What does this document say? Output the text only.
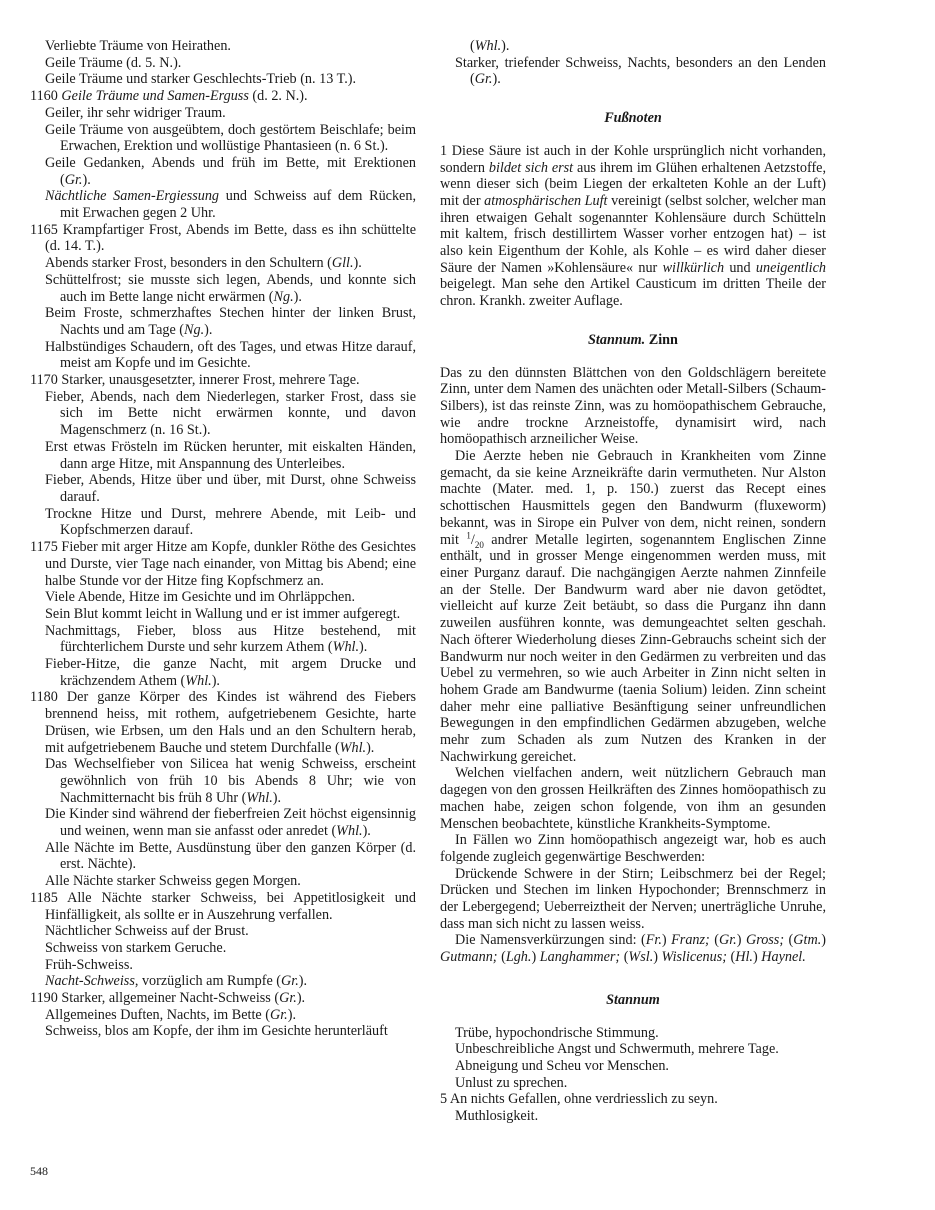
Verliebte Träume von Heirathen.
Geile Träume (d. 5. N.).
Geile Träume und starker Geschlechts-Trieb (n. 13 T.).
1160 Geile Träume und Samen-Erguss (d. 2. N.).
Geiler, ihr sehr widriger Traum.
Geile Träume von ausgeübtem, doch gestörtem Beischlafe; beim Erwachen, Erektion und wollüstige Phantasieen (n. 6 St.).
Geile Gedanken, Abends und früh im Bette, mit Erektionen (Gr.).
Nächtliche Samen-Ergiessung und Schweiss auf dem Rücken, mit Erwachen gegen 2 Uhr.
1165 Krampfartiger Frost, Abends im Bette, dass es ihn schüttelte (d. 14. T.).
Abends starker Frost, besonders in den Schultern (Gll.).
Schüttelfrost; sie musste sich legen, Abends, und konnte sich auch im Bette lange nicht erwärmen (Ng.).
Beim Froste, schmerzhaftes Stechen hinter der linken Brust, Nachts und am Tage (Ng.).
Halbstündiges Schaudern, oft des Tages, und etwas Hitze darauf, meist am Kopfe und im Gesichte.
1170 Starker, unausgesetzter, innerer Frost, mehrere Tage.
Fieber, Abends, nach dem Niederlegen, starker Frost, dass sie sich im Bette nicht erwärmen konnte, und davon Magenschmerz (n. 16 St.).
Erst etwas Frösteln im Rücken herunter, mit eiskalten Händen, dann arge Hitze, mit Anspannung des Unterleibes.
Fieber, Abends, Hitze über und über, mit Durst, ohne Schweiss darauf.
Trockne Hitze und Durst, mehrere Abende, mit Leib- und Kopfschmerzen darauf.
1175 Fieber mit arger Hitze am Kopfe, dunkler Röthe des Gesichtes und Durste, vier Tage nach einander, von Mittag bis Abend; eine halbe Stunde vor der Hitze fing Kopfschmerz an.
Viele Abende, Hitze im Gesichte und im Ohrläppchen.
Sein Blut kommt leicht in Wallung und er ist immer aufgeregt.
Nachmittags, Fieber, bloss aus Hitze bestehend, mit fürchterlichem Durste und sehr kurzem Athem (Whl.).
Fieber-Hitze, die ganze Nacht, mit argem Drucke und krächzendem Athem (Whl.).
1180 Der ganze Körper des Kindes ist während des Fiebers brennend heiss, mit rothem, aufgetriebenem Gesichte, harte Drüsen, wie Erbsen, um den Hals und an den Schultern herab, mit aufgetriebenem Bauche und stetem Durchfalle (Whl.).
Das Wechselfieber von Silicea hat wenig Schweiss, erscheint gewöhnlich von früh 10 bis Abends 8 Uhr; wie von Nachmitternacht bis früh 8 Uhr (Whl.).
Die Kinder sind während der fieberfreien Zeit höchst eigensinnig und weinen, wenn man sie anfasst oder anredet (Whl.).
Alle Nächte im Bette, Ausdünstung über den ganzen Körper (d. erst. Nächte).
Alle Nächte starker Schweiss gegen Morgen.
1185 Alle Nächte starker Schweiss, bei Appetitlosigkeit und Hinfälligkeit, als sollte er in Auszehrung verfallen.
Nächtlicher Schweiss auf der Brust.
Schweiss von starkem Geruche.
Früh-Schweiss.
Nacht-Schweiss, vorzüglich am Rumpfe (Gr.).
1190 Starker, allgemeiner Nacht-Schweiss (Gr.).
Allgemeines Duften, Nachts, im Bette (Gr.).
Schweiss, blos am Kopfe, der ihm im Gesichte herunterläuft
(Whl.).
Starker, triefender Schweiss, Nachts, besonders an den Lenden (Gr.).
Fußnoten
1 Diese Säure ist auch in der Kohle ursprünglich nicht vorhanden, sondern bildet sich erst aus ihrem im Glühen erhaltenen Aetzstoffe, wenn dieser sich (beim Liegen der erkalteten Kohle an der Luft) mit der atmosphärischen Luft vereinigt (selbst solcher, welcher man ihren etwaigen Gehalt sogenannter Kohlensäure durch Schütteln mit kaltem, frisch destillirtem Wasser vorher entzogen hat) – ist also kein Eigenthum der Kohle, als Kohle – es wird daher dieser Säure der Namen »Kohlensäure« nur willkürlich und uneigentlich beigelegt. Man sehe den Artikel Causticum im dritten Theile der chron. Krankh. zweiter Auflage.
Stannum. Zinn
Das zu den dünnsten Blättchen von den Goldschlägern bereitete Zinn, unter dem Namen des unächten oder Metall-Silbers (Schaum-Silbers), ist das reinste Zinn, was zu homöopathischem Gebrauche, wie andre trockne Arzneistoffe, dynamisirt wird, nach homöopathisch arzneilicher Weise.
Die Aerzte heben nie Gebrauch in Krankheiten vom Zinne gemacht, da sie keine Arzneikräfte darin vermutheten. Nur Alston machte (Mater. med. 1, p. 150.) zuerst das Recept eines schottischen Hausmittels gegen den Bandwurm (fluxeworm) bekannt, was in Sirope ein Pulver von dem, nicht reinen, sondern mit $^1/_{20}$ andrer Metalle legirten, sogenanntem Englischen Zinne enthält, und in grosser Menge eingenommen werden muss, mit einer Purganz darauf. Die nachgängigen Aerzte nahmen Zinnfeile an der Stelle. Der Bandwurm ward aber nie davon getödtet, vielleicht auf kurze Zeit betäubt, so dass die Purganz ihn dann zuweilen ausführen konnte, was demungeachtet selten geschah. Nach öfterer Wiederholung dieses Zinn-Gebrauchs scheint sich der Bandwurm nur noch weiter in den Gedärmen zu verbreiten und das Uebel zu vermehren, so wie auch Arbeiter in Zinn nicht selten in hohem Grade am Bandwurme (taenia Solium) leiden. Zinn scheint daher mehr eine palliative Besänftigung seiner unfreundlichen Bewegungen in den empfindlichen Gedärmen abzugeben, welche mehr zum Schaden als zum Nutzen des Kranken in der Nachwirkung gereichet.
Welchen vielfachen andern, weit nützlichern Gebrauch man dagegen von den grossen Heilkräften des Zinnes homöopathisch zu machen habe, zeigen schon folgende, von ihm an gesunden Menschen beobachtete, künstliche Krankheits-Symptome.
In Fällen wo Zinn homöopathisch angezeigt war, hob es auch folgende zugleich gegenwärtige Beschwerden:
Drückende Schwere in der Stirn; Leibschmerz bei der Regel; Drücken und Stechen im linken Hypochonder; Brennschmerz in der Lebergegend; Ueberreiztheit der Nerven; unerträgliche Unruhe, dass man sich nicht zu lassen weiss.
Die Namensverkürzungen sind: (Fr.) Franz; (Gr.) Gross; (Gtm.) Gutmann; (Lgh.) Langhammer; (Wsl.) Wislicenus; (Hl.) Haynel.
Stannum
Trübe, hypochondrische Stimmung.
Unbeschreibliche Angst und Schwermuth, mehrere Tage.
Abneigung und Scheu vor Menschen.
Unlust zu sprechen.
5 An nichts Gefallen, ohne verdriesslich zu seyn.
Muthlosigkeit.
548
